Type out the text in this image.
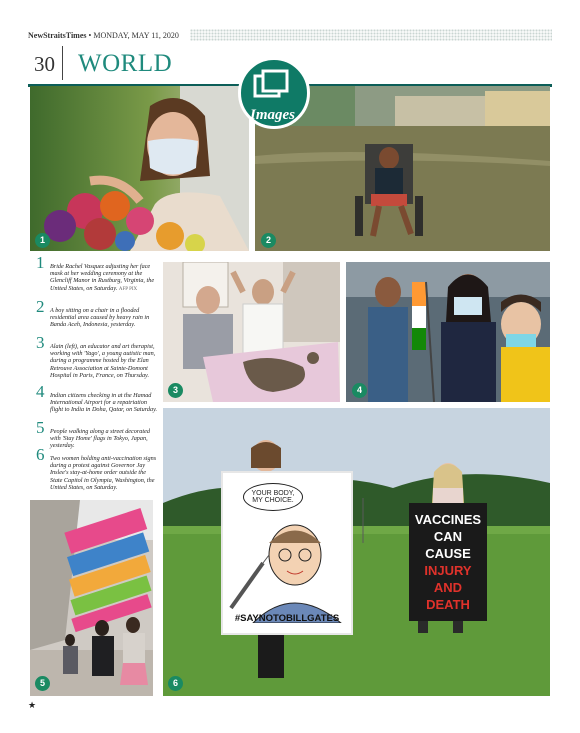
NewStraitsTimes • MONDAY, MAY 11, 2020
30 WORLD
1	2
Images
1 Bride Rachel Vasquez adjusting her face mask at her wedding ceremony at the Glencliff Manor in Rustburg, Virginia, the United States, on Saturday. AFP PIX
2 A boy sitting on a chair in a flooded residential area caused by heavy rain in Banda Aceh, Indonesia, yesterday.
3 Alain (left), an educator and art therapist, working with 'Yago', a young autistic man, during a programme hosted by the Elan Retrouve Association at Sainte-Domont Hospital in Paris, France, on Thursday.
4 Indian citizens checking in at the Hamad International Airport for a repatriation flight to India in Doha, Qatar, on Saturday.
5 People walking along a street decorated with 'Stay Home' flags in Tokyo, Japan, yesterday.
6 Two women holding anti-vaccination signs during a protest against Governor Jay Inslee's stay-at-home order outside the State Capitol in Olympia, Washington, the United States, on Saturday.
3	4
5	6
YOUR BODY, MY CHOICE.
#SAYNOTOBILLGATES
VACCINES
CAN
CAUSE
INJURY
AND
DEATH
★
